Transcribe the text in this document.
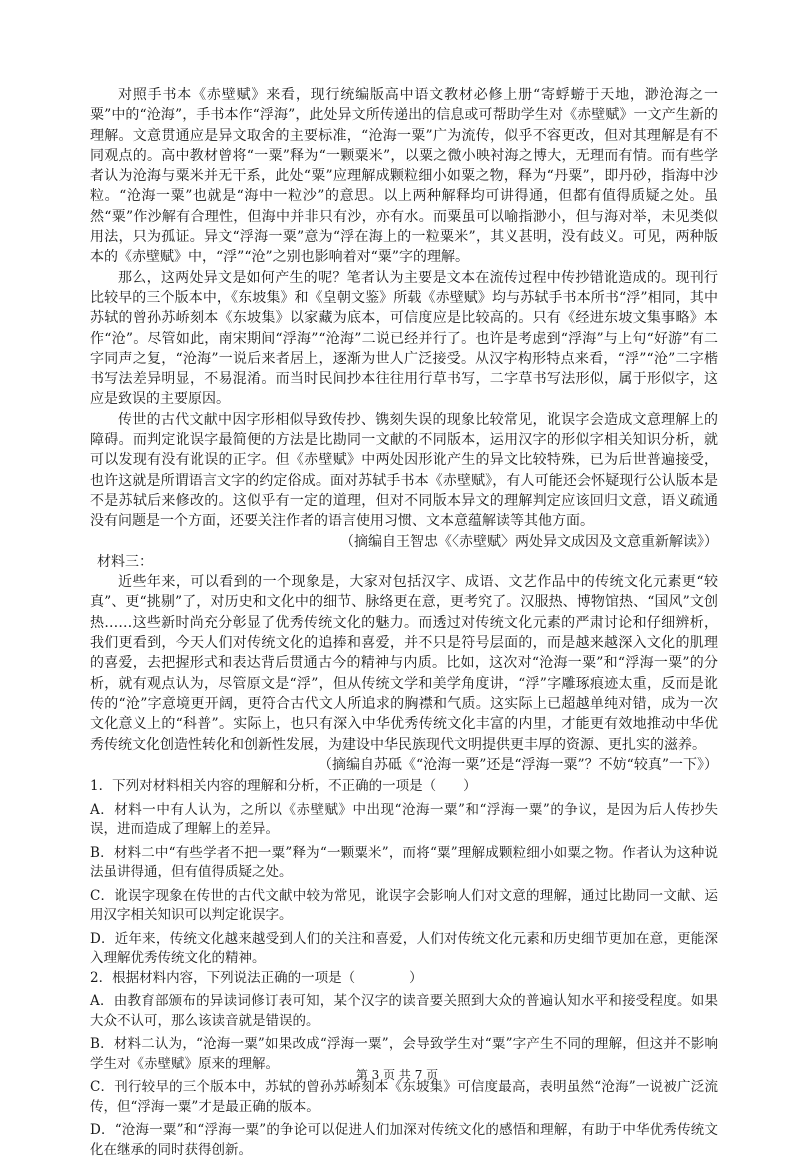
对照手书本《赤壁赋》来看，现行统编版高中语文教材必修上册“寄蜉蝣于天地，渺沧海之一粟”中的“沧海”，手书本作“浮海”，此处异文所传递出的信息或可帮助学生对《赤壁赋》一文产生新的理解。文意贯通应是异文取舍的主要标准，“沧海一粟”广为流传，似乎不容更改，但对其理解是有不同观点的。高中教材曾将“一粟”释为“一颗粟米”，以粟之微小映衬海之博大，无理而有情。而有些学者认为沧海与粟米并无干系，此处“粟”应理解成颗粒细小如粟之物，释为“丹粟”，即丹砂，指海中沙粒。“沧海一粟”也就是“海中一粒沙”的意思。以上两种解释均可讲得通，但都有值得质疑之处。虽然“粟”作沙解有合理性，但海中并非只有沙，亦有水。而粟虽可以喻指渺小，但与海对举，未见类似用法，只为孤证。异文“浮海一粟”意为“浮在海上的一粒粟米”，其义甚明，没有歧义。可见，两种版本的《赤壁赋》中，“浮”“沧”之别也影响着对“粟”字的理解。

那么，这两处异文是如何产生的呢？笔者认为主要是文本在流传过程中传抄错讹造成的。现刊行比较早的三个版本中，《东坡集》和《皇朝文鉴》所载《赤壁赋》均与苏轼手书本所书“浮”相同，其中苏轼的曾孙苏峤刻本《东坡集》以家藏为底本，可信度应是比较高的。只有《经进东坡文集事略》本作“沧”。尽管如此，南宋期间“浮海”“沧海”二说已经并行了。也许是考虑到“浮海”与上句“好游”有二字同声之复，“沧海”一说后来者居上，逐渐为世人广泛接受。从汉字构形特点来看，“浮”“沧”二字楷书写法差异明显，不易混淆。而当时民间抄本往往用行草书写，二字草书写法形似，属于形似字，这应是致误的主要原因。

传世的古代文献中因字形相似导致传抄、镌刻失误的现象比较常见，讹误字会造成文意理解上的障碍。而判定讹误字最简便的方法是比勘同一文献的不同版本，运用汉字的形似字相关知识分析，就可以发现有没有讹误的正字。但《赤壁赋》中两处因形讹产生的异文比较特殊，已为后世普遍接受，也许这就是所谓语言文字的约定俗成。面对苏轼手书本《赤壁赋》，有人可能还会怀疑现行公认版本是不是苏轼后来修改的。这似乎有一定的道理，但对不同版本异文的理解判定应该回归文意，语义疏通没有问题是一个方面，还要关注作者的语言使用习惯、文本意蕴解读等其他方面。

（摘编自王智忠《〈赤壁赋〉两处异文成因及文意重新解读》）

材料三：

近些年来，可以看到的一个现象是，大家对包括汉字、成语、文艺作品中的传统文化元素更“较真”、更“挑剔”了，对历史和文化中的细节、脉络更在意，更考究了。汉服热、博物馆热、“国风”文创热……这些新时尚充分彰显了优秀传统文化的魅力。而透过对传统文化元素的严肃讨论和仔细辨析，我们更看到，今天人们对传统文化的追捧和喜爱，并不只是符号层面的，而是越来越深入文化的肌理的喜爱，去把握形式和表达背后贯通古今的精神与内质。比如，这次对“沧海一粟”和“浮海一粟”的分析，就有观点认为，尽管原文是“浮”，但从传统文学和美学角度讲，“浮”字雕琢痕迹太重，反而是讹传的“沧”字意境更开阔，更符合古代文人所追求的胸襟和气质。这实际上已超越单纯对错，成为一次文化意义上的“科普”。实际上，也只有深入中华优秀传统文化丰富的内里，才能更有效地推动中华优秀传统文化创造性转化和创新性发展，为建设中华民族现代文明提供更丰厚的资源、更扎实的滋养。

（摘编自苏砥《“沧海一粟”还是“浮海一粟”？不妨“较真”一下》）

1．下列对材料相关内容的理解和分析，不正确的一项是（　　）

A．材料一中有人认为，之所以《赤壁赋》中出现“沧海一粟”和“浮海一粟”的争议，是因为后人传抄失误，进而造成了理解上的差异。

B．材料二中“有些学者不把一粟”释为“一颗粟米”，而将“粟”理解成颗粒细小如粟之物。作者认为这种说法虽讲得通，但有值得质疑之处。

C．讹误字现象在传世的古代文献中较为常见，讹误字会影响人们对文意的理解，通过比勘同一文献、运用汉字相关知识可以判定讹误字。

D．近年来，传统文化越来越受到人们的关注和喜爱，人们对传统文化元素和历史细节更加在意，更能深入理解优秀传统文化的精神。

2．根据材料内容，下列说法正确的一项是（　　　　）

A．由教育部颁布的异读词修订表可知，某个汉字的读音要关照到大众的普遍认知水平和接受程度。如果大众不认可，那么该读音就是错误的。

B．材料二认为，“沧海一粟”如果改成“浮海一粟”，会导致学生对“粟”字产生不同的理解，但这并不影响学生对《赤壁赋》原来的理解。

C．刊行较早的三个版本中，苏轼的曾孙苏峤刻本《东坡集》可信度最高，表明虽然“沧海”一说被广泛流传，但“浮海一粟”才是最正确的版本。

D．“沧海一粟”和“浮海一粟”的争论可以促进人们加深对传统文化的感悟和理解，有助于中华优秀传统文化在继承的同时获得创新。

第 3 页 共 7 页
